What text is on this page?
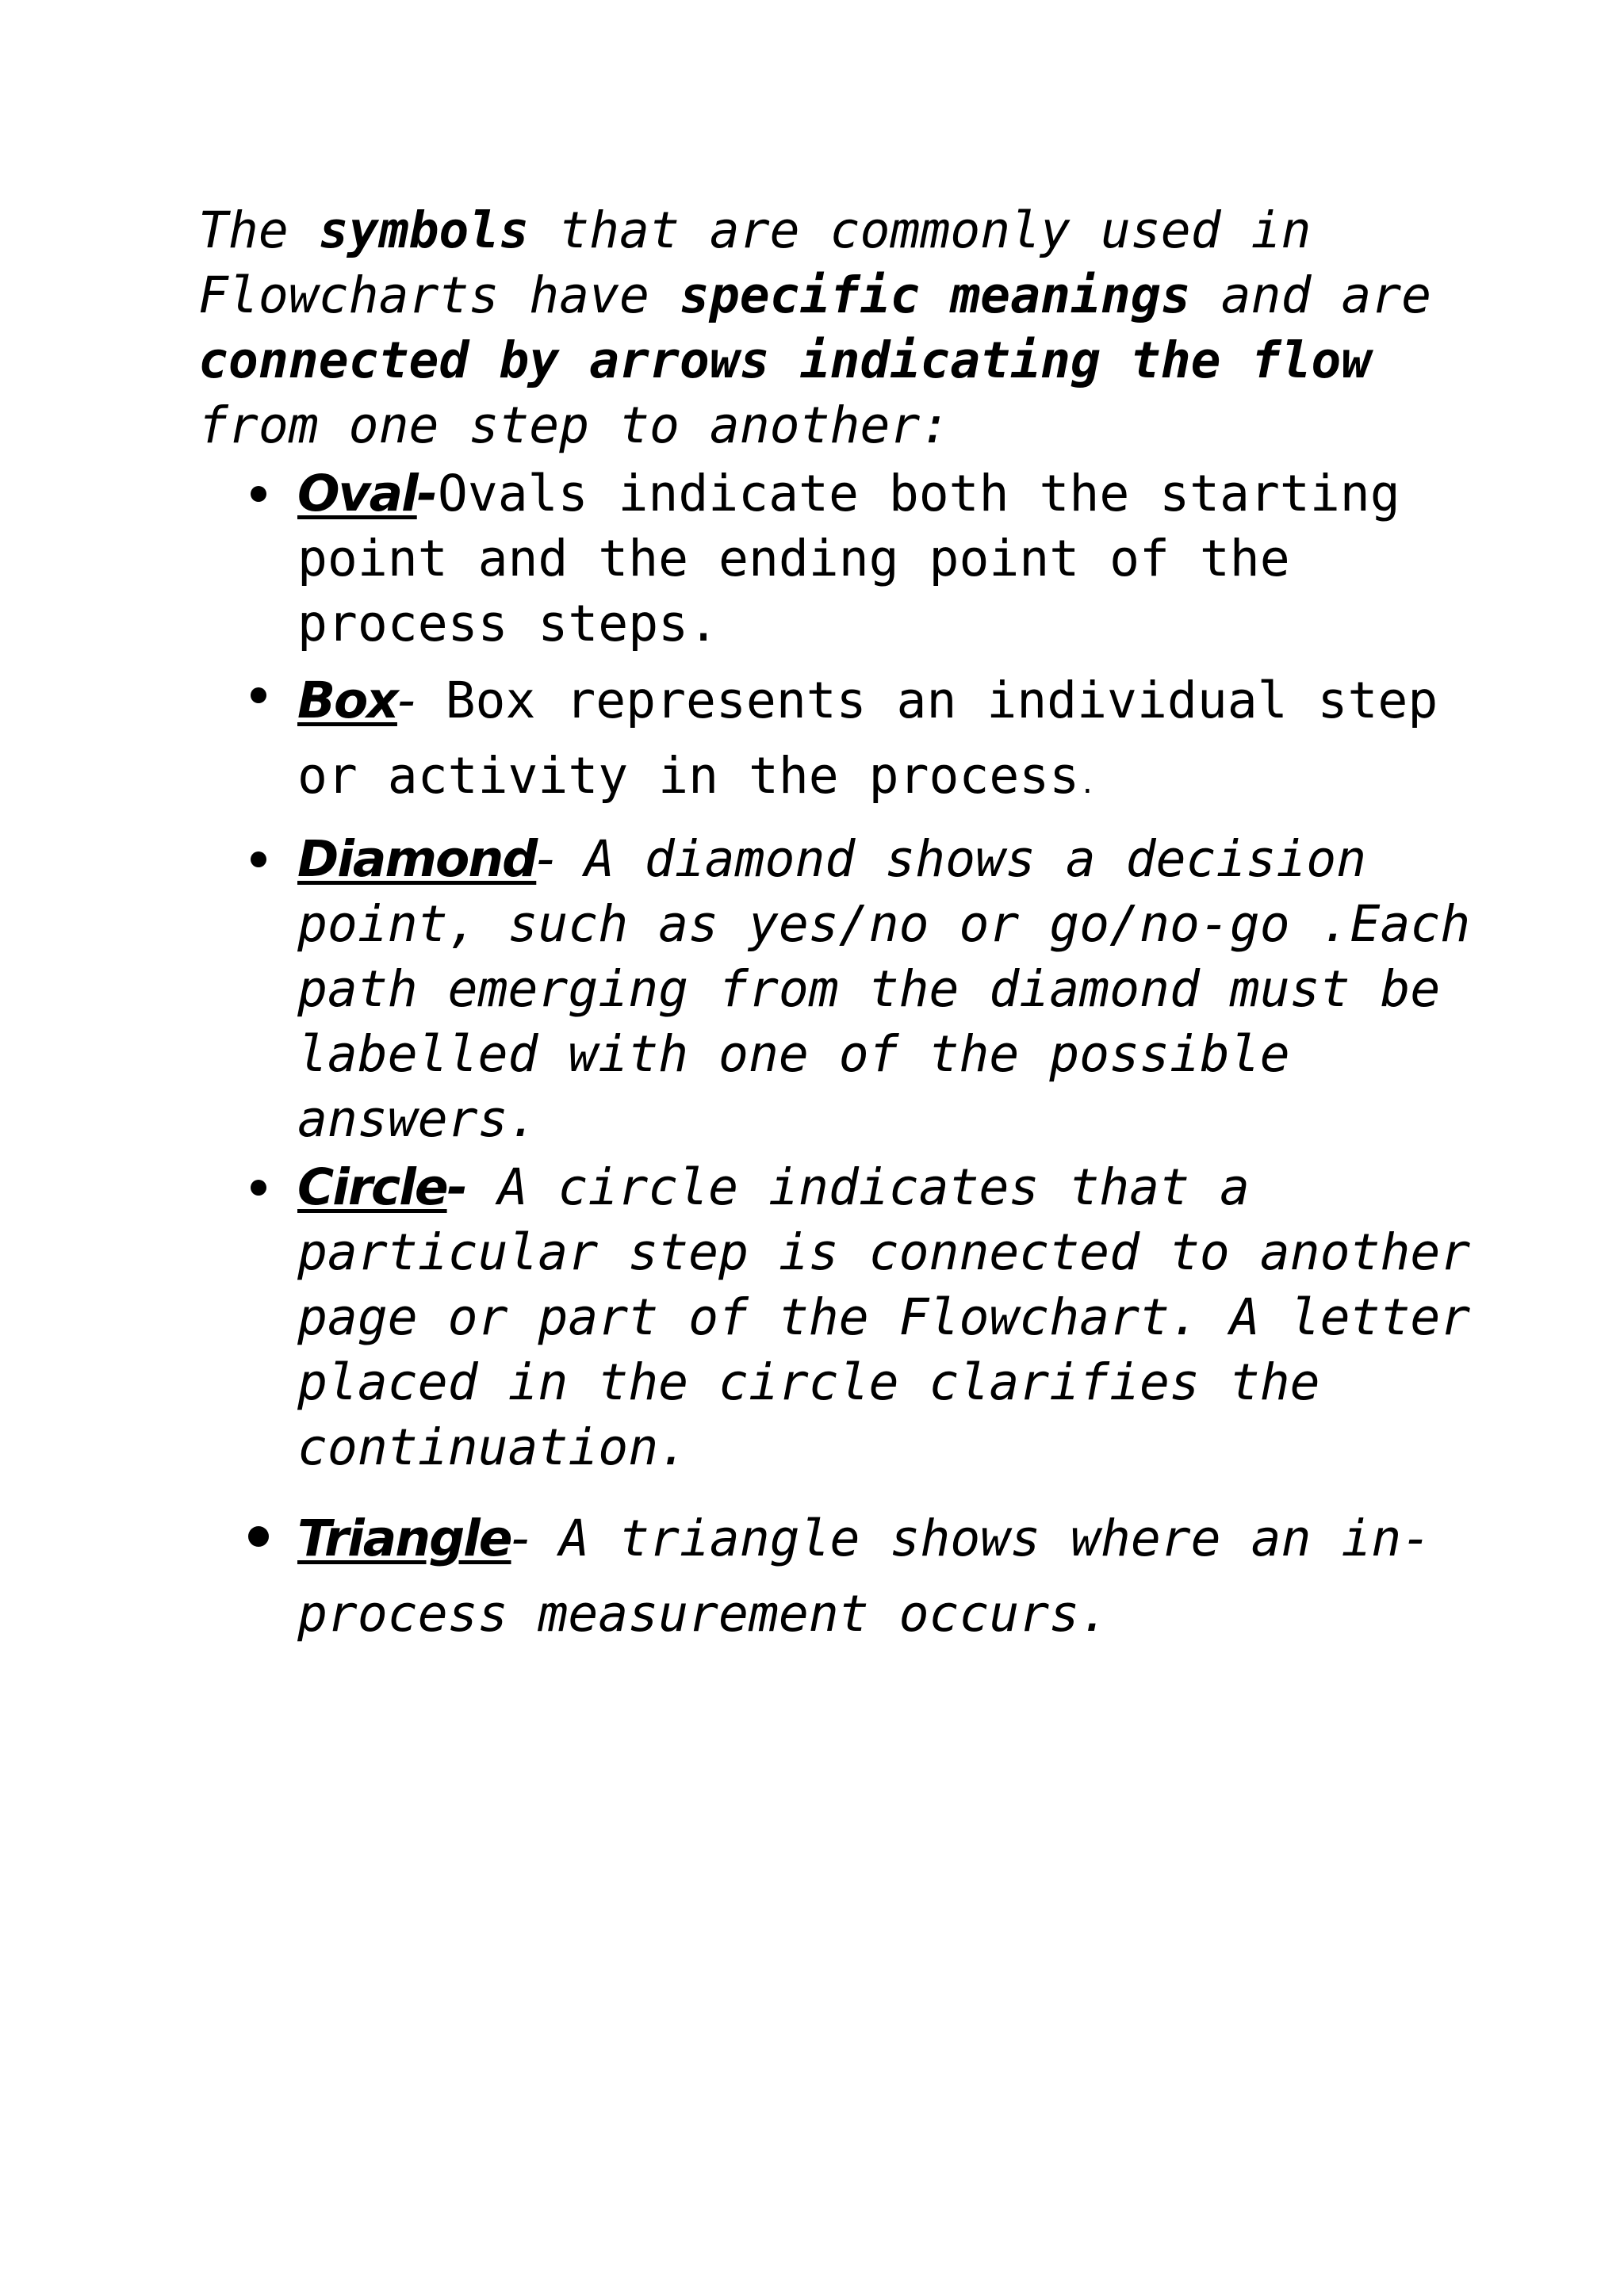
The symbols that are commonly used in Flowcharts have specific meanings and are connected by arrows indicating the flow from one step to another:

Oval-Ovals indicate both the starting point and the ending point of the process steps.
Box- Box represents an individual step or activity in the process.
Diamond- A diamond shows a decision point, such as yes/no or go/no-go .Each path emerging from the diamond must be labelled with one of the possible answers.
Circle- A circle indicates that a particular step is connected to another page or part of the Flowchart. A letter placed in the circle clarifies the continuation.
Triangle- A triangle shows where an in- process measurement occurs.
